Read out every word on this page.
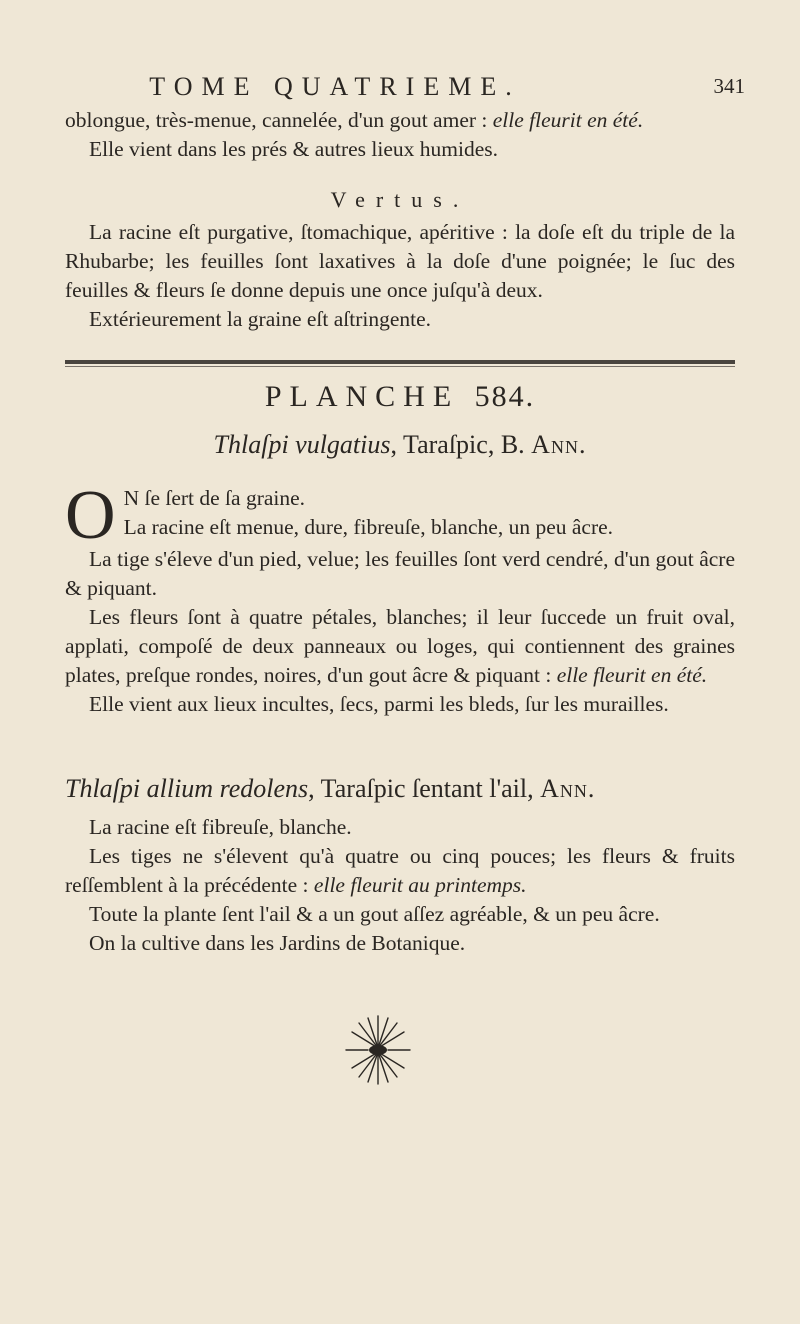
TOME QUATRIEME.	341

oblongue, très-menue, cannelée, d'un gout amer : elle fleurit en été.

Elle vient dans les prés & autres lieux humides.

Vertus.

La racine eſt purgative, ſtomachique, apéritive : la doſe eſt du triple de la Rhubarbe; les feuilles ſont laxatives à la doſe d'une poignée; le ſuc des feuilles & fleurs ſe donne depuis une once juſqu'à deux.

Extérieurement la graine eſt aſtringente.

PLANCHE 584.
Thlaſpi vulgatius, Taraſpic, B. Ann.
O N ſe ſert de ſa graine.

La racine eſt menue, dure, fibreuſe, blanche, un peu âcre.

La tige s'éleve d'un pied, velue; les feuilles ſont verd cendré, d'un gout âcre & piquant.

Les fleurs ſont à quatre pétales, blanches; il leur ſuccede un fruit oval, applati, compoſé de deux panneaux ou loges, qui contiennent des graines plates, preſque rondes, noires, d'un gout âcre & piquant : elle fleurit en été.

Elle vient aux lieux incultes, ſecs, parmi les bleds, ſur les murailles.

Thlaſpi allium redolens, Taraſpic ſentant l'ail, Ann.

La racine eſt fibreuſe, blanche.

Les tiges ne s'élevent qu'à quatre ou cinq pouces; les fleurs & fruits reſſemblent à la précédente : elle fleurit au printemps.

Toute la plante ſent l'ail & a un gout aſſez agréable, & un peu âcre.

On la cultive dans les Jardins de Botanique.
